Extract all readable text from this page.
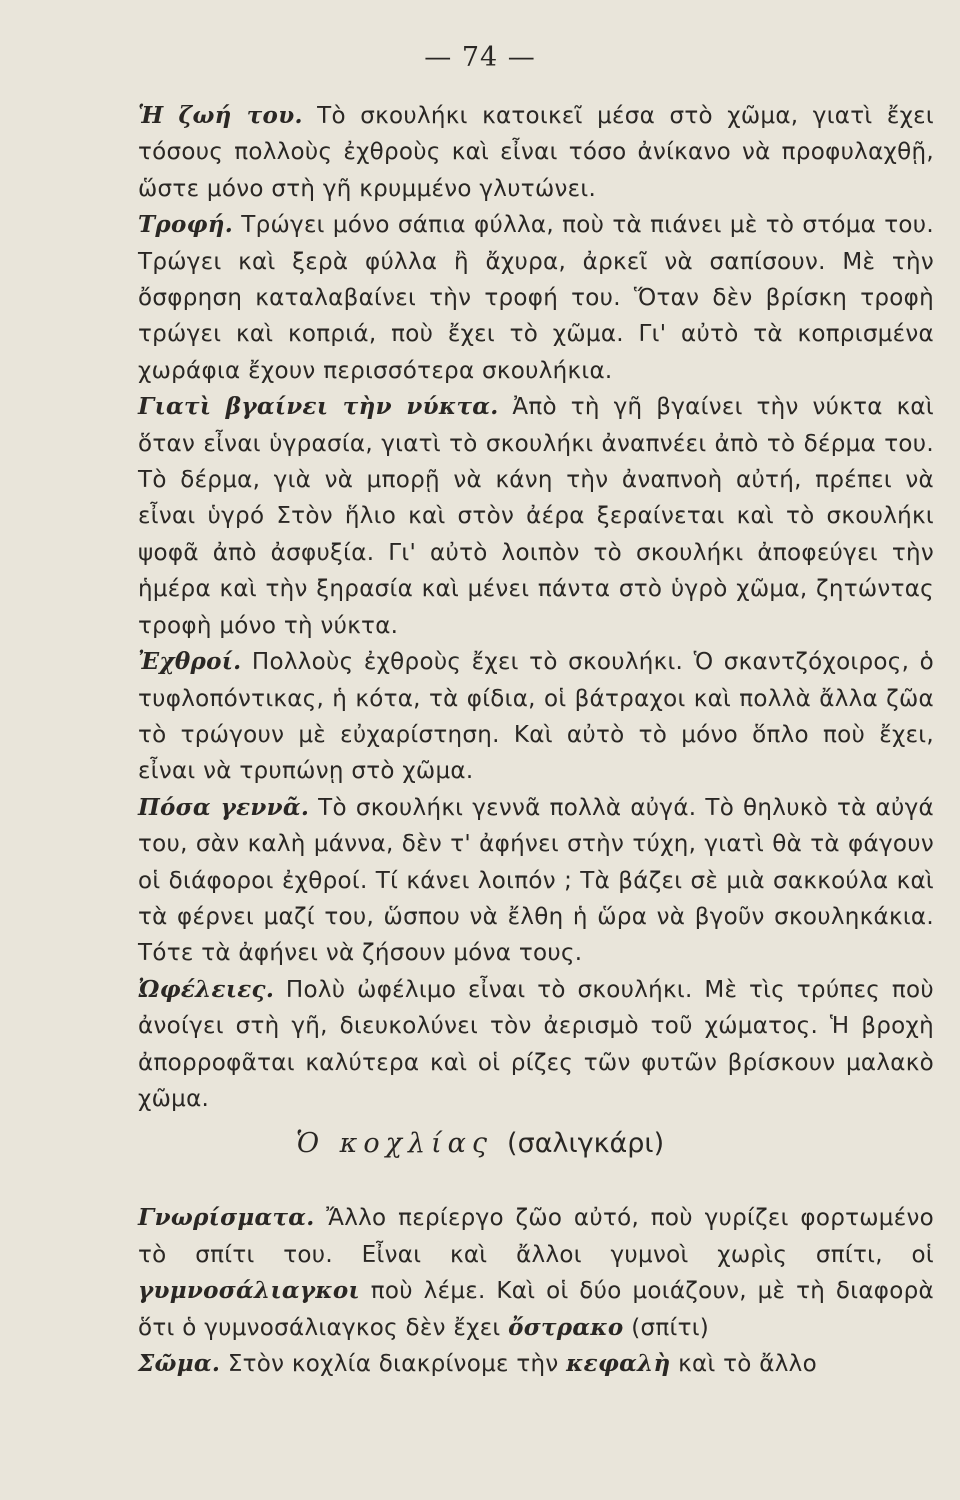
— 74 —

Ἡ ζωή του. Τὸ σκουλήκι κατοικεῖ μέσα στὸ χῶμα, γιατὶ ἔχει τόσους πολλοὺς ἐχθροὺς καὶ εἶναι τόσο ἀνίκανο νὰ προφυλαχθῇ, ὥστε μόνο στὴ γῆ κρυμμένο γλυτώνει.

Τροφή. Τρώγει μόνο σάπια φύλλα, ποὺ τὰ πιάνει μὲ τὸ στόμα του. Τρώγει καὶ ξερὰ φύλλα ἢ ἄχυρα, ἀρκεῖ νὰ σαπίσουν. Μὲ τὴν ὄσφρηση καταλαβαίνει τὴν τροφή του. Ὅταν δὲν βρίσκη τροφὴ τρώγει καὶ κοπριά, ποὺ ἔχει τὸ χῶμα. Γι' αὐτὸ τὰ κοπρισμένα χωράφια ἔχουν περισσότερα σκουλήκια.

Γιατὶ βγαίνει τὴν νύκτα. Ἀπὸ τὴ γῆ βγαίνει τὴν νύκτα καὶ ὅταν εἶναι ὑγρασία, γιατὶ τὸ σκουλήκι ἀναπνέει ἀπὸ τὸ δέρμα του. Τὸ δέρμα, γιὰ νὰ μπορῇ νὰ κάνη τὴν ἀναπνοὴ αὐτή, πρέπει νὰ εἶναι ὑγρό Στὸν ἥλιο καὶ στὸν ἀέρα ξεραίνεται καὶ τὸ σκουλήκι ψοφᾶ ἀπὸ ἀσφυξία. Γι' αὐτὸ λοιπὸν τὸ σκουλήκι ἀποφεύγει τὴν ἡμέρα καὶ τὴν ξηρασία καὶ μένει πάντα στὸ ὑγρὸ χῶμα, ζητώντας τροφὴ μόνο τὴ νύκτα.

Ἐχθροί. Πολλοὺς ἐχθροὺς ἔχει τὸ σκουλήκι. Ὁ σκαντζόχοιρος, ὁ τυφλοπόντικας, ἡ κότα, τὰ φίδια, οἱ βάτραχοι καὶ πολλὰ ἄλλα ζῶα τὸ τρώγουν μὲ εὐχαρίστηση. Καὶ αὐτὸ τὸ μόνο ὅπλο ποὺ ἔχει, εἶναι νὰ τρυπώνῃ στὸ χῶμα.

Πόσα γεννᾶ. Τὸ σκουλήκι γεννᾶ πολλὰ αὐγά. Τὸ θηλυκὸ τὰ αὐγά του, σὰν καλὴ μάννα, δὲν τ' ἀφήνει στὴν τύχη, γιατὶ θὰ τὰ φάγουν οἱ διάφοροι ἐχθροί. Τί κάνει λοιπόν ; Τὰ βάζει σὲ μιὰ σακκούλα καὶ τὰ φέρνει μαζί του, ὥσπου νὰ ἔλθη ἡ ὥρα νὰ βγοῦν σκουληκάκια. Τότε τὰ ἀφήνει νὰ ζήσουν μόνα τους.

Ὠφέλειες. Πολὺ ὠφέλιμο εἶναι τὸ σκουλήκι. Μὲ τὶς τρύπες ποὺ ἀνοίγει στὴ γῆ, διευκολύνει τὸν ἀερισμὸ τοῦ χώματος. Ἡ βροχὴ ἀπορροφᾶται καλύτερα καὶ οἱ ρίζες τῶν φυτῶν βρίσκουν μαλακὸ χῶμα.

Ὁ κοχλίας (σαλιγκάρι)

Γνωρίσματα. Ἄλλο περίεργο ζῶο αὐτό, ποὺ γυρίζει φορτωμένο τὸ σπίτι του. Εἶναι καὶ ἄλλοι γυμνοὶ χωρὶς σπίτι, οἱ γυμνοσάλιαγκοι ποὺ λέμε. Καὶ οἱ δύο μοιάζουν, μὲ τὴ διαφορὰ ὅτι ὁ γυμνοσάλιαγκος δὲν ἔχει ὄστρακο (σπίτι)

Σῶμα. Στὸν κοχλία διακρίνομε τὴν κεφαλὴ καὶ τὸ ἄλλο
